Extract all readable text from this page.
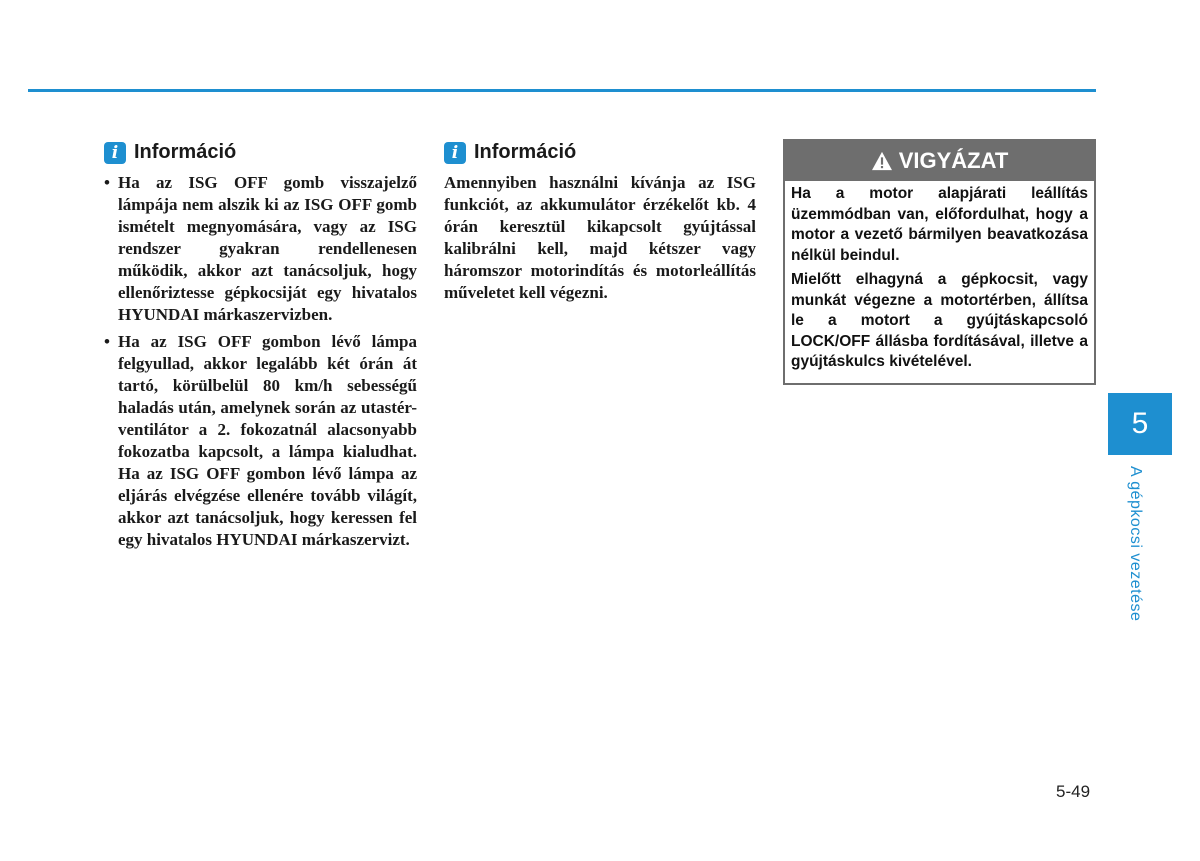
i Információ
• Ha az ISG OFF gomb visszajelző lámpája nem alszik ki az ISG OFF gomb ismételt megnyomására, vagy az ISG rendszer gyakran rendellenesen működik, akkor azt tanácsoljuk, hogy ellenőriztesse gépkocsiját egy hivatalos HYUNDAI márkaszervizben.
• Ha az ISG OFF gombon lévő lámpa felgyullad, akkor legalább két órán át tartó, körülbelül 80 km/h sebességű haladás után, amelynek során az utastér-ventilátor a 2. fokozatnál alacsonyabb fokozatba kapcsolt, a lámpa kialudhat. Ha az ISG OFF gombon lévő lámpa az eljárás elvégzése ellenére tovább világít, akkor azt tanácsoljuk, hogy keressen fel egy hivatalos HYUNDAI márkaszervizt.
i Információ

Amennyiben használni kívánja az ISG funkciót, az akkumulátor érzékelőt kb. 4 órán keresztül kikapcsolt gyújtással kalibrálni kell, majd kétszer vagy háromszor motorindítás és motorleállítás műveletet kell végezni.

VIGYÁZAT

Ha a motor alapjárati leállítás üzemmódban van, előfordulhat, hogy a motor a vezető bármilyen beavatkozása nélkül beindul.

Mielőtt elhagyná a gépkocsit, vagy munkát végezne a motortérben, állítsa le a motort a gyújtáskapcsoló LOCK/OFF állásba fordításával, illetve a gyújtáskulcs kivételével.

5
A gépkocsi vezetése
5-49
